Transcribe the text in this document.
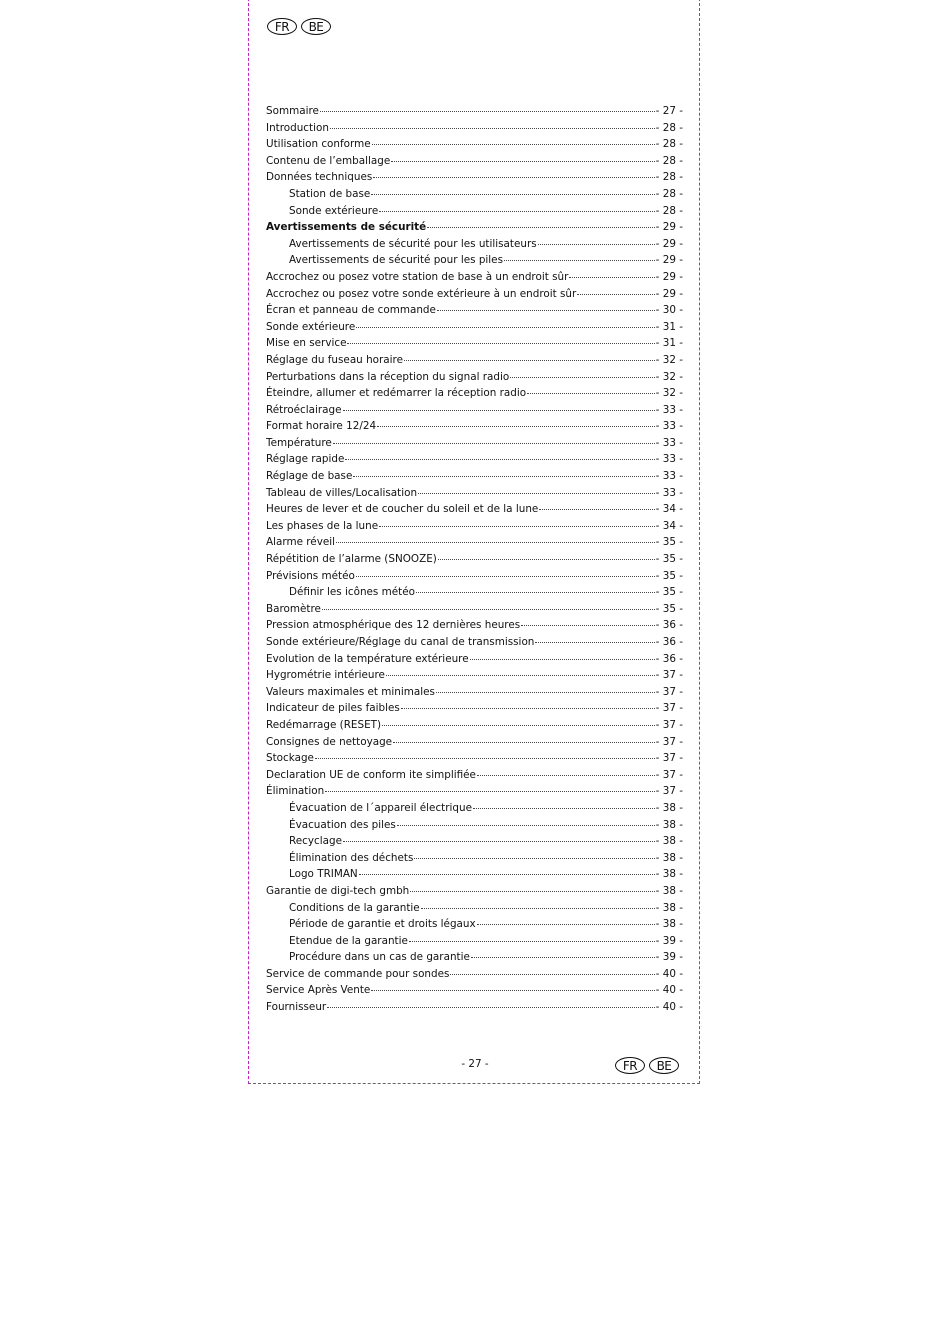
FR	BE
Sommaire	- 27 -
Introduction	- 28 -
Utilisation conforme	- 28 -
Contenu de l’emballage	- 28 -
Données techniques	- 28 -
Station de base	- 28 -
Sonde extérieure	- 28 -
Avertissements de sécurité	- 29 -
Avertissements de sécurité pour les utilisateurs	- 29 -
Avertissements de sécurité pour les piles	- 29 -
Accrochez ou posez votre station de base à un endroit sûr	- 29 -
Accrochez ou posez votre sonde extérieure à un endroit sûr	- 29 -
Écran et panneau de commande	- 30 -
Sonde extérieure	- 31 -
Mise en service	- 31 -
Réglage du fuseau horaire	- 32 -
Perturbations dans la réception du signal radio	- 32 -
Éteindre, allumer et redémarrer la réception radio	- 32 -
Rétroéclairage	- 33 -
Format horaire 12/24	- 33 -
Température	- 33 -
Réglage rapide	- 33 -
Réglage de base	- 33 -
Tableau de villes/Localisation	- 33 -
Heures de lever et de coucher du soleil et de la lune	- 34 -
Les phases de la lune	- 34 -
Alarme réveil	- 35 -
Répétition de l’alarme (SNOOZE)	- 35 -
Prévisions météo	- 35 -
Définir les icônes météo	- 35 -
Baromètre	- 35 -
Pression atmosphérique des 12 dernières heures	- 36 -
Sonde extérieure/Réglage du canal de transmission	- 36 -
Evolution de la température extérieure	- 36 -
Hygrométrie intérieure	- 37 -
Valeurs maximales et minimales	- 37 -
Indicateur de piles faibles	- 37 -
Redémarrage (RESET)	- 37 -
Consignes de nettoyage	- 37 -
Stockage	- 37 -
Declaration UE de conform ite simplifiée	- 37 -
Élimination	- 37 -
Évacuation de l´appareil électrique	- 38 -
Évacuation des piles	- 38 -
Recyclage	- 38 -
Élimination des déchets	- 38 -
Logo TRIMAN	- 38 -
Garantie de digi-tech gmbh	- 38 -
Conditions de la garantie	- 38 -
Période de garantie et droits légaux	- 38 -
Etendue de la garantie	- 39 -
Procédure dans un cas de garantie	- 39 -
Service de commande pour sondes	- 40 -
Service Après Vente	- 40 -
Fournisseur	- 40 -
- 27 -	FR	BE
